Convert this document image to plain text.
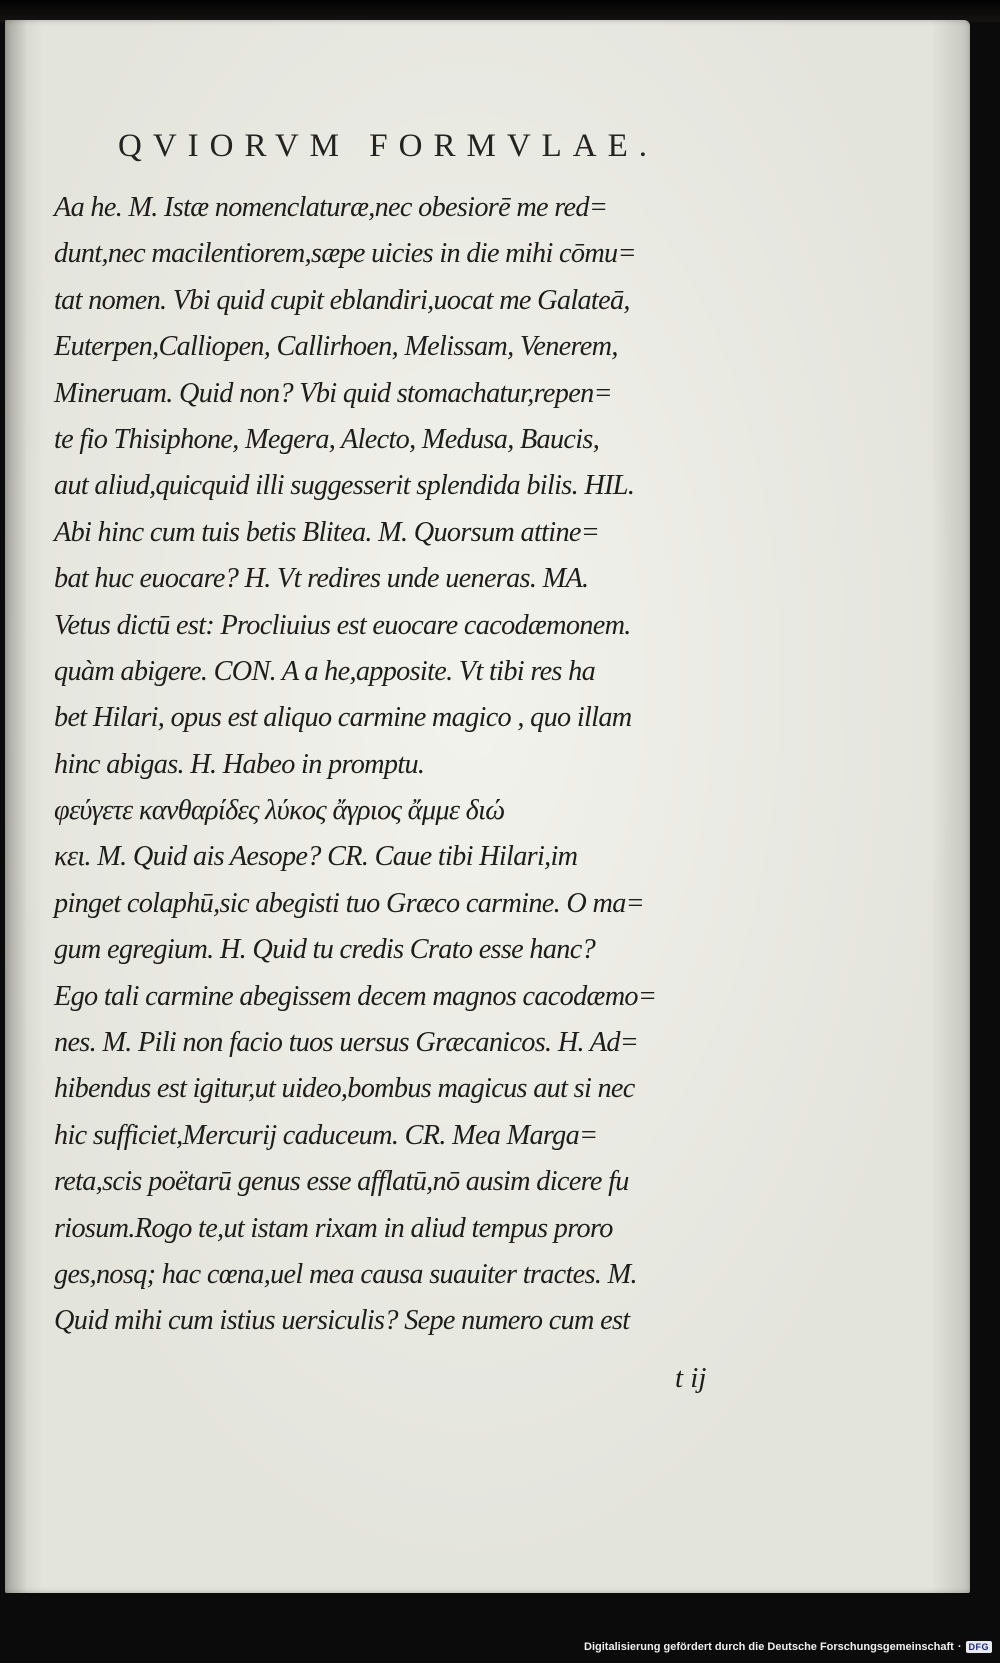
QVIORVM FORMVLAE.
Aa he. M. Istæ nomenclaturæ,nec obesiorē me red=
dunt,nec macilentiorem,sæpe uicies in die mihi cōmu=
tat nomen. Vbi quid cupit eblandiri,uocat me Galateā,
Euterpen,Calliopen, Callirhoen, Melissam, Venerem,
Mineruam. Quid non? Vbi quid stomachatur,repen=
te fio Thisiphone, Megera, Alecto, Medusa, Baucis,
aut aliud,quicquid illi suggesserit splendida bilis. HIL.
Abi hinc cum tuis betis Blitea. M. Quorsum attine=
bat huc euocare? H. Vt redires unde ueneras. MA.
Vetus dictū est: Procliuius est euocare cacodæmonem.
quàm abigere. CON. A a he,apposite. Vt tibi res ha
bet Hilari, opus est aliquo carmine magico , quo illam
hinc abigas. H. Habeo in promptu.
φεύγετε κανθαρίδες λύκος ἄγριος ἄμμε διώ
κει. M. Quid ais Aesope? CR. Caue tibi Hilari,im
pinget colaphū,sic abegisti tuo Græco carmine. O ma=
gum egregium. H. Quid tu credis Crato esse hanc?
Ego tali carmine abegissem decem magnos cacodæmo=
nes. M. Pili non facio tuos uersus Græcanicos. H. Ad=
hibendus est igitur,ut uideo,bombus magicus aut si nec
hic sufficiet,Mercurij caduceum. CR. Mea Marga=
reta,scis poëtarū genus esse afflatū,nō ausim dicere fu
riosum.Rogo te,ut istam rixam in aliud tempus proro
ges,nosq; hac cœna,uel mea causa suauiter tractes. M.
Quid mihi cum istius uersiculis? Sepe numero cum est
t ij
Digitalisierung gefördert durch die Deutsche Forschungsgemeinschaft · DFG
